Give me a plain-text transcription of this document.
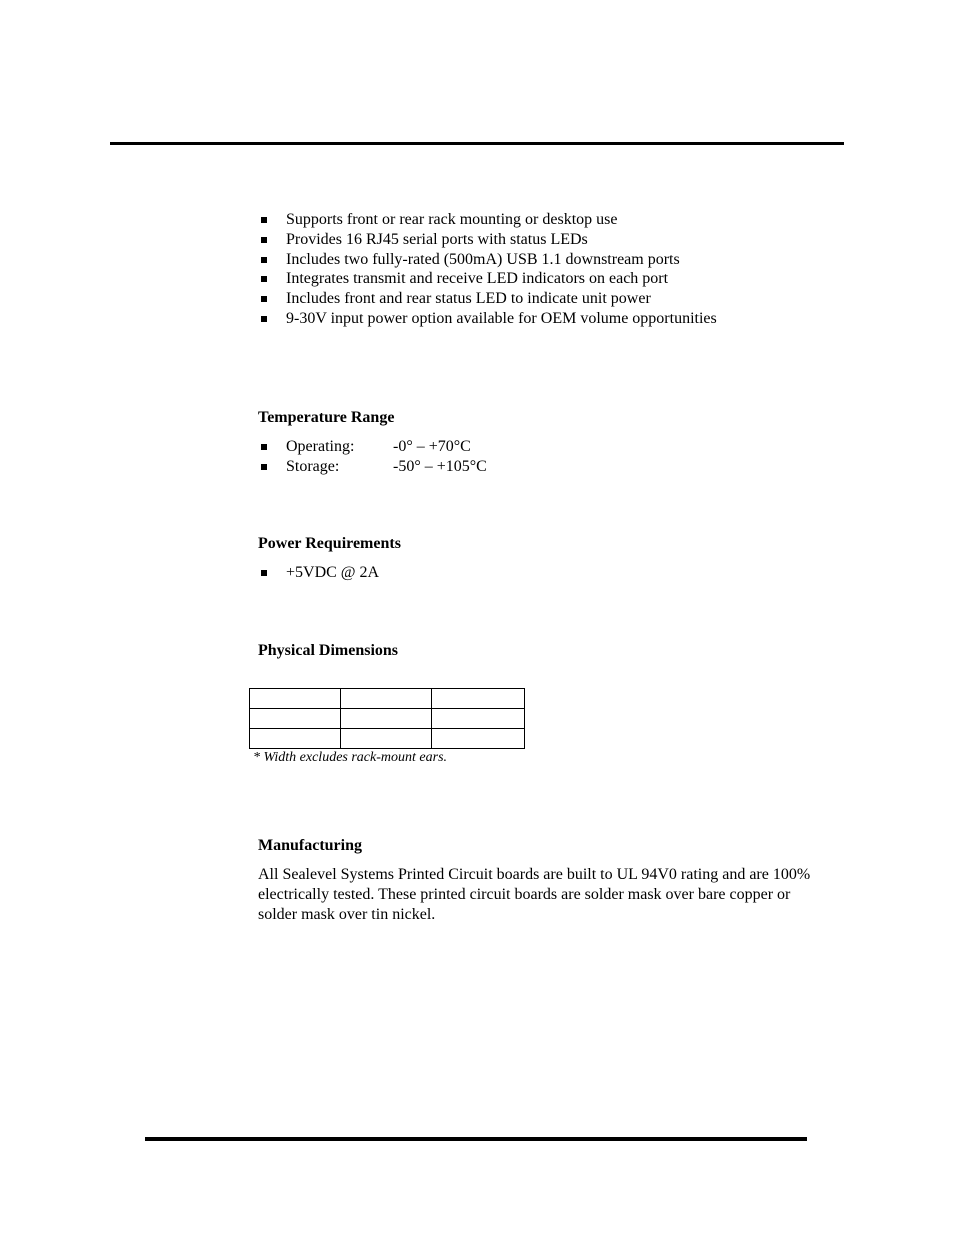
Supports front or rear rack mounting or desktop use
Provides 16 RJ45 serial ports with status LEDs
Includes two fully-rated (500mA) USB 1.1 downstream ports
Integrates transmit and receive LED indicators on each port
Includes front and rear status LED to indicate unit power
9-30V input power option available for OEM volume opportunities
Temperature Range
Operating: -0° – +70°C
Storage:	-50° – +105°C
Power Requirements
+5VDC @ 2A
Physical Dimensions

* Width excludes rack-mount ears.
Manufacturing

All Sealevel Systems Printed Circuit boards are built to UL 94V0 rating and are 100% electrically tested. These printed circuit boards are solder mask over bare copper or solder mask over tin nickel.
